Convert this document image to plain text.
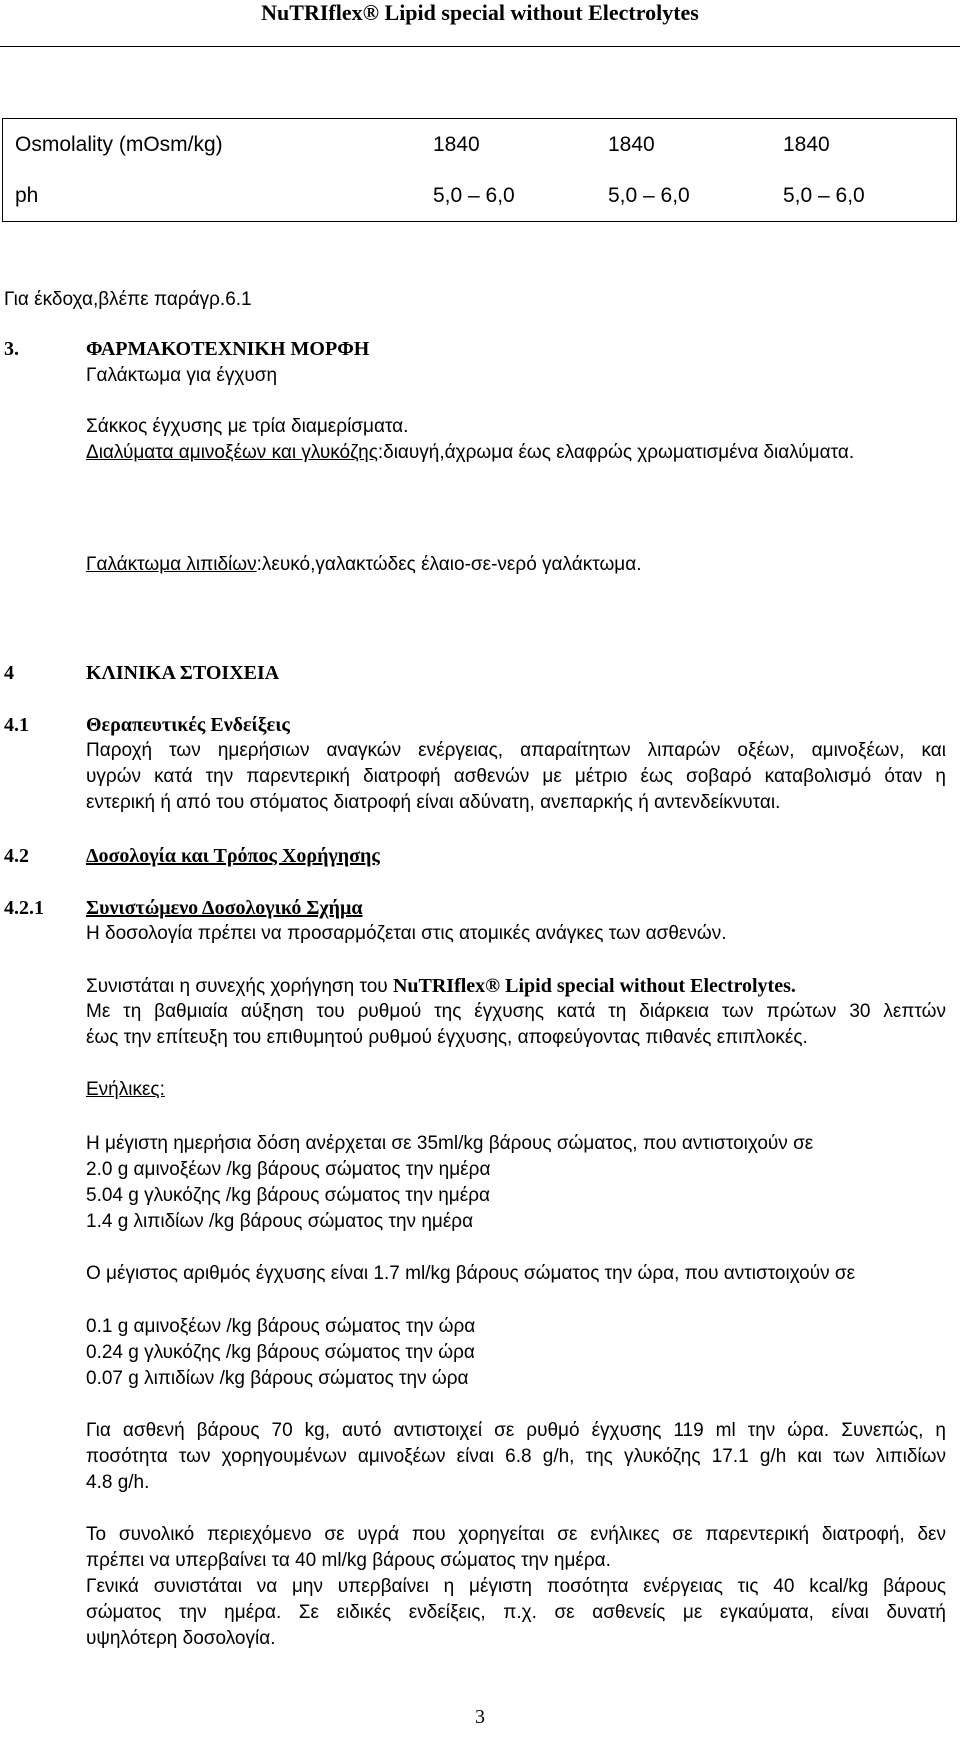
NuTRIflex® Lipid special without Electrolytes
Osmolality (mOsm/kg)	1840	1840	1840
ph	5,0 – 6,0	5,0 – 6,0	5,0 – 6,0
Για έκδοχα,βλέπε παράγρ.6.1
3.	ΦΑΡΜΑΚΟΤΕΧΝΙΚΗ ΜΟΡΦΗ
Γαλάκτωμα για έγχυση
Σάκκος έγχυσης με τρία διαμερίσματα.
Διαλύματα αμινοξέων και γλυκόζης:διαυγή,άχρωμα έως ελαφρώς χρωματισμένα διαλύματα.
Γαλάκτωμα λιπιδίων:λευκό,γαλακτώδες έλαιο-σε-νερό γαλάκτωμα.
4	ΚΛΙΝΙΚΑ ΣΤΟΙΧΕΙΑ
4.1	Θεραπευτικές Ενδείξεις
Παροχή των ημερήσιων αναγκών ενέργειας, απαραίτητων λιπαρών οξέων, αμινοξέων, και
υγρών κατά την παρεντερική διατροφή ασθενών με μέτριο έως σοβαρό καταβολισμό όταν η
εντερική ή από του στόματος διατροφή είναι αδύνατη, ανεπαρκής ή αντενδείκνυται.
4.2	Δοσολογία και Τρόπος Χορήγησης
4.2.1 Συνιστώμενο Δοσολογικό Σχήμα
Η δοσολογία πρέπει να προσαρμόζεται στις ατομικές ανάγκες των ασθενών.
Συνιστάται η συνεχής χορήγηση του NuTRIflex® Lipid special without Electrolytes.
Με τη βαθμιαία αύξηση του ρυθμού της έγχυσης κατά τη διάρκεια των πρώτων 30 λεπτών
έως την επίτευξη του επιθυμητού ρυθμού έγχυσης, αποφεύγοντας πιθανές επιπλοκές.
Ενήλικες:
Η μέγιστη ημερήσια δόση ανέρχεται σε 35ml/kg βάρους σώματος, που αντιστοιχούν σε
2.0 g αμινοξέων /kg βάρους σώματος την ημέρα
5.04 g γλυκόζης /kg βάρους σώματος την ημέρα
1.4 g λιπιδίων /kg βάρους σώματος την ημέρα
Ο μέγιστος αριθμός έγχυσης είναι 1.7 ml/kg βάρους σώματος την ώρα, που αντιστοιχούν σε
0.1 g αμινοξέων /kg βάρους σώματος την ώρα
0.24 g γλυκόζης /kg βάρους σώματος την ώρα
0.07 g λιπιδίων /kg βάρους σώματος την ώρα
Για ασθενή βάρους 70 kg, αυτό αντιστοιχεί σε ρυθμό έγχυσης 119 ml την ώρα. Συνεπώς, η
ποσότητα των χορηγουμένων αμινοξέων είναι 6.8 g/h, της γλυκόζης 17.1 g/h και των λιπιδίων
4.8 g/h.
Το συνολικό περιεχόμενο σε υγρά που χορηγείται σε ενήλικες σε παρεντερική διατροφή, δεν
πρέπει να υπερβαίνει τα 40 ml/kg βάρους σώματος την ημέρα.
Γενικά συνιστάται να μην υπερβαίνει η μέγιστη ποσότητα ενέργειας τις 40 kcal/kg βάρους
σώματος την ημέρα. Σε ειδικές ενδείξεις, π.χ. σε ασθενείς με εγκαύματα, είναι δυνατή
υψηλότερη δοσολογία.
3
